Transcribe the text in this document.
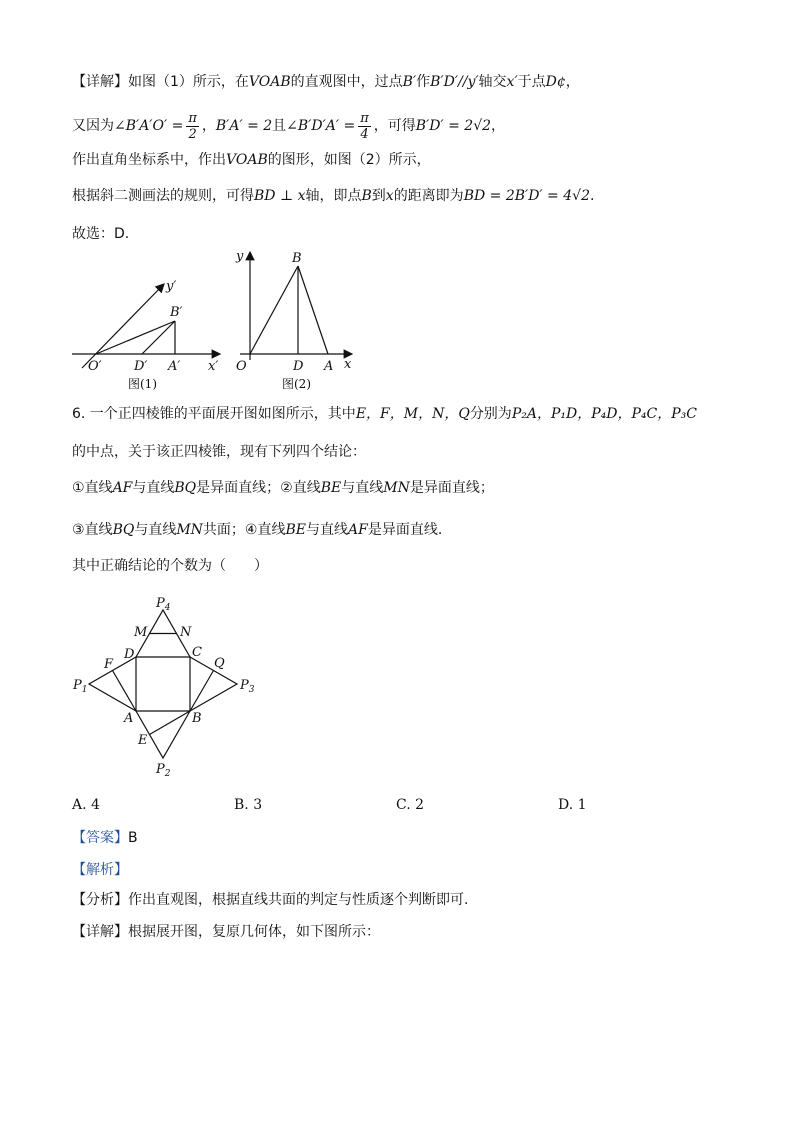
【详解】如图（1）所示，在VOAB的直观图中，过点B′作B′D′//y′轴交x′于点D¢，
又因为 ∠B′A′O′ = $\frac{\pi}{2}$ ， B′A′ = 2 且 ∠B′D′A′ = $\frac{\pi}{4}$ ，可得 B′D′ = 2√2 ，
作出直角坐标系中，作出VOAB的图形，如图（2）所示，
根据斜二测画法的规则，可得BD ⊥ x轴，即点B到x的距离即为BD = 2B′D′ = 4√2.
故选：D.
y′
B′
O′ D′ A′ x′
图(1)
y	B
O	D A x
图(2)
6. 一个正四棱锥的平面展开图如图所示，其中E，F，M，N，Q分别为P₂A，P₁D，P₄D，P₄C，P₃C
的中点，关于该正四棱锥，现有下列四个结论：
①直线AF与直线BQ是异面直线；②直线BE与直线MN是异面直线；
③直线BQ与直线MN共面；④直线BE与直线AF是异面直线.
其中正确结论的个数为（　　）
$P_4$
M	N
D	C
F	Q
$P_1$	$P_3$
A	B
E
$P_2$
A. 4	B. 3	C. 2	D. 1
【答案】B
【解析】
【分析】作出直观图，根据直线共面的判定与性质逐个判断即可.
【详解】根据展开图，复原几何体，如下图所示：
